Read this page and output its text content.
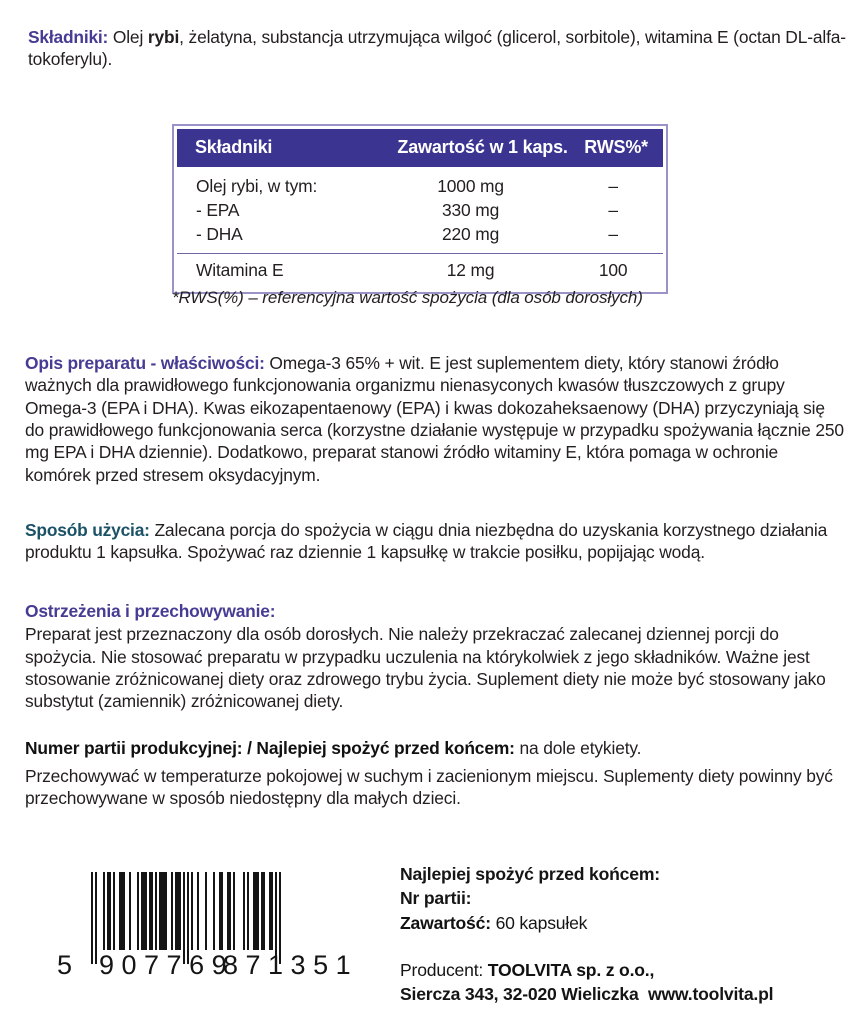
Składniki: Olej rybi, żelatyna, substancja utrzymująca wilgoć (glicerol, sorbitole), witamina E (octan DL-alfa-tokoferylu).
Składniki	Zawartość w 1 kaps.	RWS%*
Olej rybi, w tym:	1000 mg	–
- EPA	330 mg	–
- DHA	220 mg	–
Witamina E	12 mg	100
*RWS(%) – referencyjna wartość spożycia (dla osób dorosłych)
Opis preparatu - właściwości: Omega-3 65% + wit. E jest suplementem diety, który stanowi źródło ważnych dla prawidłowego funkcjonowania organizmu nienasyconych kwasów tłuszczowych z grupy Omega-3 (EPA i DHA). Kwas eikozapentaenowy (EPA) i kwas dokozaheksaenowy (DHA) przyczyniają się do prawidłowego funkcjonowania serca (korzystne działanie występuje w przypadku spożywania łącznie 250 mg EPA i DHA dziennie). Dodatkowo, preparat stanowi źródło witaminy E, która pomaga w ochronie komórek przed stresem oksydacyjnym.
Sposób użycia: Zalecana porcja do spożycia w ciągu dnia niezbędna do uzyskania korzystnego działania produktu 1 kapsułka. Spożywać raz dziennie 1 kapsułkę w trakcie posiłku, popijając wodą.
Ostrzeżenia i przechowywanie:
Preparat jest przeznaczony dla osób dorosłych. Nie należy przekraczać zalecanej dziennej porcji do spożycia. Nie stosować preparatu w przypadku uczulenia na którykolwiek z jego składników. Ważne jest stosowanie zróżnicowanej diety oraz zdrowego trybu życia. Suplement diety nie może być stosowany jako substytut (zamiennik) zróżnicowanej diety.
Numer partii produkcyjnej: / Najlepiej spożyć przed końcem: na dole etykiety.
Przechowywać w temperaturze pokojowej w suchym i zacienionym miejscu. Suplementy diety powinny być przechowywane w sposób niedostępny dla małych dzieci.
5 907769
871351
Najlepiej spożyć przed końcem:
Nr partii:
Zawartość: 60 kapsułek
Producent: TOOLVITA sp. z o.o.,
Siercza 343, 32-020 Wieliczka www.toolvita.pl
